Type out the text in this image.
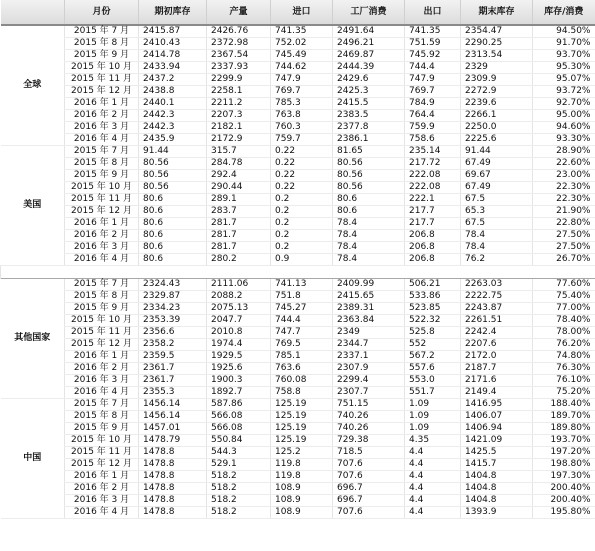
	月份	期初库存	产量	进口	工厂消费	出口	期末库存	库存/消费
全球	2015 年 7 月	2415.87	2426.76	741.35	2491.64	741.35	2354.47	94.50%
	2015 年 8 月	2410.43	2372.98	752.02	2496.21	751.59	2290.25	91.70%
	2015 年 9 月	2414.78	2367.54	745.49	2469.87	745.92	2313.54	93.70%
	2015 年 10 月	2433.94	2337.93	744.62	2444.39	744.4	2329	95.30%
	2015 年 11 月	2437.2	2299.9	747.9	2429.6	747.9	2309.9	95.07%
	2015 年 12 月	2438.8	2258.1	769.7	2425.3	769.7	2272.9	93.72%
	2016 年 1 月	2440.1	2211.2	785.3	2415.5	784.9	2239.6	92.70%
	2016 年 2 月	2442.3	2207.3	763.8	2383.5	764.4	2266.1	95.00%
	2016 年 3 月	2442.3	2182.1	760.3	2377.8	759.9	2250.0	94.60%
	2016 年 4 月	2435.9	2172.9	759.7	2386.1	758.6	2225.6	93.30%
美国	2015 年 7 月	91.44	315.7	0.22	81.65	235.14	91.44	28.90%
	2015 年 8 月	80.56	284.78	0.22	80.56	217.72	67.49	22.60%
	2015 年 9 月	80.56	292.4	0.22	80.56	222.08	69.67	23.00%
	2015 年 10 月	80.56	290.44	0.22	80.56	222.08	67.49	22.30%
	2015 年 11 月	80.6	289.1	0.2	80.6	222.1	67.5	22.30%
	2015 年 12 月	80.6	283.7	0.2	80.6	217.7	65.3	21.90%
	2016 年 1 月	80.6	281.7	0.2	78.4	217.7	67.5	22.80%
	2016 年 2 月	80.6	281.7	0.2	78.4	206.8	78.4	27.50%
	2016 年 3 月	80.6	281.7	0.2	78.4	206.8	78.4	27.50%
	2016 年 4 月	80.6	280.2	0.9	78.4	206.8	76.2	26.70%

其他国家	2015 年 7 月	2324.43	2111.06	741.13	2409.99	506.21	2263.03	77.60%
	2015 年 8 月	2329.87	2088.2	751.8	2415.65	533.86	2222.75	75.40%
	2015 年 9 月	2334.23	2075.13	745.27	2389.31	523.85	2243.87	77.00%
	2015 年 10 月	2353.39	2047.7	744.4	2363.84	522.32	2261.51	78.40%
	2015 年 11 月	2356.6	2010.8	747.7	2349	525.8	2242.4	78.00%
	2015 年 12 月	2358.2	1974.4	769.5	2344.7	552	2207.6	76.20%
	2016 年 1 月	2359.5	1929.5	785.1	2337.1	567.2	2172.0	74.80%
	2016 年 2 月	2361.7	1925.6	763.6	2307.9	557.6	2187.7	76.30%
	2016 年 3 月	2361.7	1900.3	760.08	2299.4	553.0	2171.6	76.10%
	2016 年 4 月	2355.3	1892.7	758.8	2307.7	551.7	2149.4	75.20%
中国	2015 年 7 月	1456.14	587.86	125.19	751.15	1.09	1416.95	188.40%
	2015 年 8 月	1456.14	566.08	125.19	740.26	1.09	1406.07	189.70%
	2015 年 9 月	1457.01	566.08	125.19	740.26	1.09	1406.94	189.80%
	2015 年 10 月	1478.79	550.84	125.19	729.38	4.35	1421.09	193.70%
	2015 年 11 月	1478.8	544.3	125.2	718.5	4.4	1425.5	197.20%
	2015 年 12 月	1478.8	529.1	119.8	707.6	4.4	1415.7	198.80%
	2016 年 1 月	1478.8	518.2	119.8	707.6	4.4	1404.8	197.30%
	2016 年 2 月	1478.8	518.2	108.9	696.7	4.4	1404.8	200.40%
	2016 年 3 月	1478.8	518.2	108.9	696.7	4.4	1404.8	200.40%
	2016 年 4 月	1478.8	518.2	108.9	707.6	4.4	1393.9	195.80%
